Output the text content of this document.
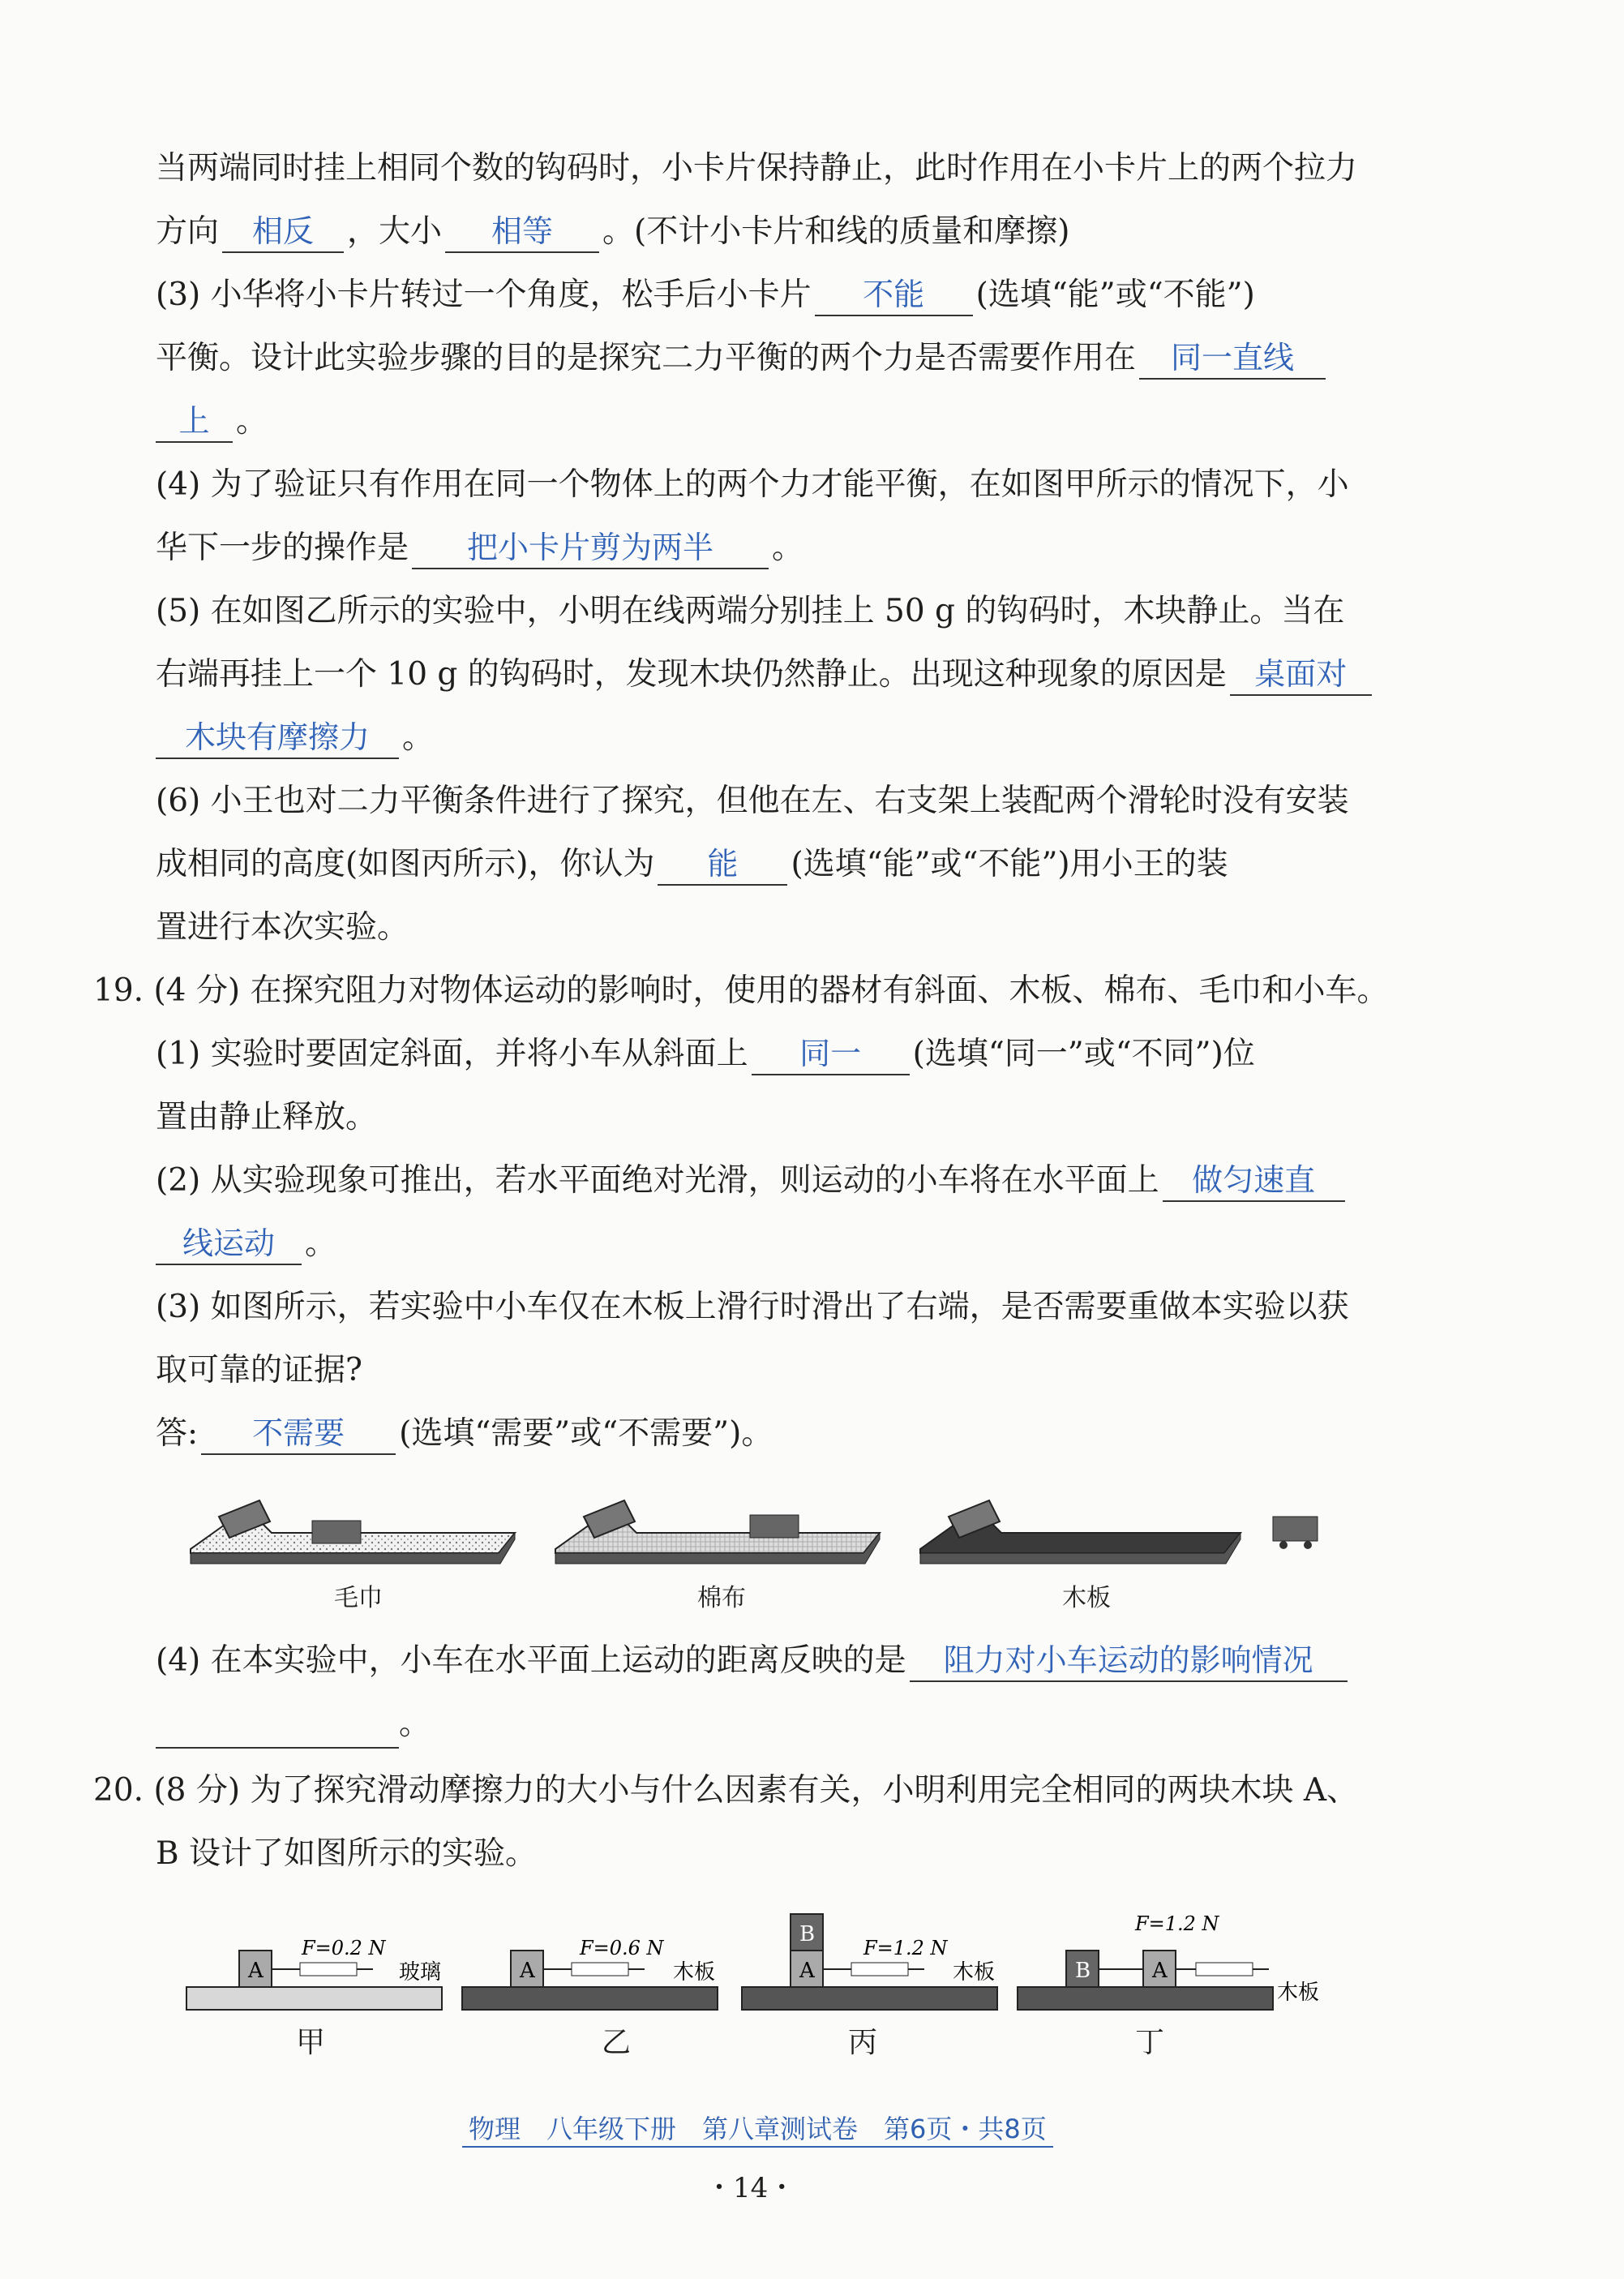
当两端同时挂上相同个数的钩码时，小卡片保持静止，此时作用在小卡片上的两个拉力
方向 相反 ，大小 相等 。(不计小卡片和线的质量和摩擦)
(3) 小华将小卡片转过一个角度，松手后小卡片 不能 (选填“能”或“不能”)
平衡。设计此实验步骤的目的是探究二力平衡的两个力是否需要作用在 同一直线
上 。
(4) 为了验证只有作用在同一个物体上的两个力才能平衡，在如图甲所示的情况下，小
华下一步的操作是 把小卡片剪为两半 。
(5) 在如图乙所示的实验中，小明在线两端分别挂上 50 g 的钩码时，木块静止。当在
右端再挂上一个 10 g 的钩码时，发现木块仍然静止。出现这种现象的原因是 桌面对
木块有摩擦力 。
(6) 小王也对二力平衡条件进行了探究，但他在左、右支架上装配两个滑轮时没有安装
成相同的高度(如图丙所示)，你认为 能 (选填“能”或“不能”)用小王的装
置进行本次实验。
19. (4 分) 在探究阻力对物体运动的影响时，使用的器材有斜面、木板、棉布、毛巾和小车。
(1) 实验时要固定斜面，并将小车从斜面上 同一 (选填“同一”或“不同”)位
置由静止释放。
(2) 从实验现象可推出，若水平面绝对光滑，则运动的小车将在水平面上 做匀速直
线运动 。
(3) 如图所示，若实验中小车仅在木板上滑行时滑出了右端，是否需要重做本实验以获
取可靠的证据?
答: 不需要 (选填“需要”或“不需要”)。
毛巾	棉布	木板
(4) 在本实验中，小车在水平面上运动的距离反映的是 阻力对小车运动的影响情况
。
20. (8 分) 为了探究滑动摩擦力的大小与什么因素有关，小明利用完全相同的两块木块 A、
B 设计了如图所示的实验。
A
F=0.2 N
玻璃	A
F=0.6 N
木板	A
B
F=1.2 N
木板	B	A
F=1.2 N
木板
甲	乙	丙	丁
物理　八年级下册　第八章测试卷　第6页・共8页
・14・
